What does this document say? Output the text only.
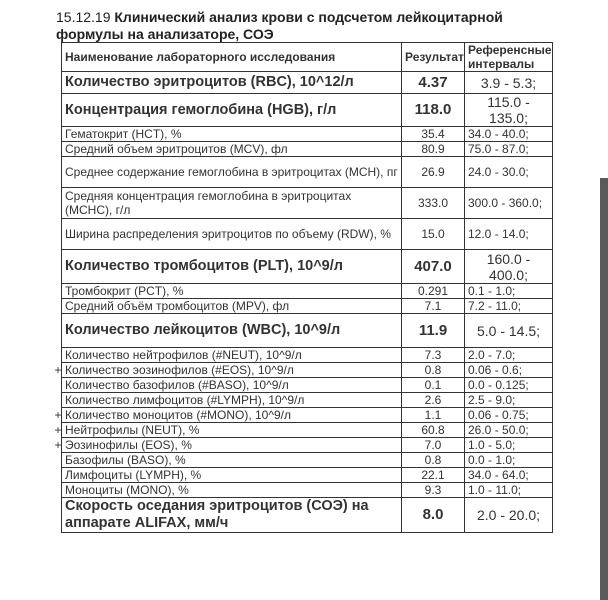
15.12.19 Клинический анализ крови с подсчетом лейкоцитарной формулы на анализаторе, СОЭ
Наименование лабораторного исследования	Результат	Референсные интервалы
Количество эритроцитов (RBC), 10^12/л	4.37	3.9 - 5.3;
Концентрация гемоглобина (HGB), г/л	118.0	115.0 - 135.0;
Гематокрит (HCT), %	35.4	34.0 - 40.0;
Средний объем эритроцитов (MCV), фл	80.9	75.0 - 87.0;
Среднее содержание гемоглобина в эритроцитах (MCH), пг	26.9	24.0 - 30.0;
Средняя концентрация гемоглобина в эритроцитах (MCHC), г/л	333.0	300.0 - 360.0;
Ширина распределения эритроцитов по объему (RDW), %	15.0	12.0 - 14.0;
Количество тромбоцитов (PLT), 10^9/л	407.0	160.0 - 400.0;
Тромбокрит (PCT), %	0.291	0.1 - 1.0;
Средний объём тромбоцитов (MPV), фл	7.1	7.2 - 11.0;
Количество лейкоцитов (WBC), 10^9/л	11.9	5.0 - 14.5;
Количество нейтрофилов (#NEUT), 10^9/л	7.3	2.0 - 7.0;

+ Количество эозинофилов (#EOS), 10^9/л	0.8	0.06 - 0.6;
Количество базофилов (#BASO), 10^9/л	0.1	0.0 - 0.125;
Количество лимфоцитов (#LYMPH), 10^9/л	2.6	2.5 - 9.0;

+ Количество моноцитов (#MONO), 10^9/л	1.1	0.06 - 0.75;

+ Нейтрофилы (NEUT), %	60.8	26.0 - 50.0;

+ Эозинофилы (EOS), %	7.0	1.0 - 5.0;
Базофилы (BASO), %	0.8	0.0 - 1.0;
Лимфоциты (LYMPH), %	22.1	34.0 - 64.0;
Моноциты (MONO), %	9.3	1.0 - 11.0;
Скорость оседания эритроцитов (СОЭ) на аппарате ALIFAX, мм/ч	8.0	2.0 - 20.0;
